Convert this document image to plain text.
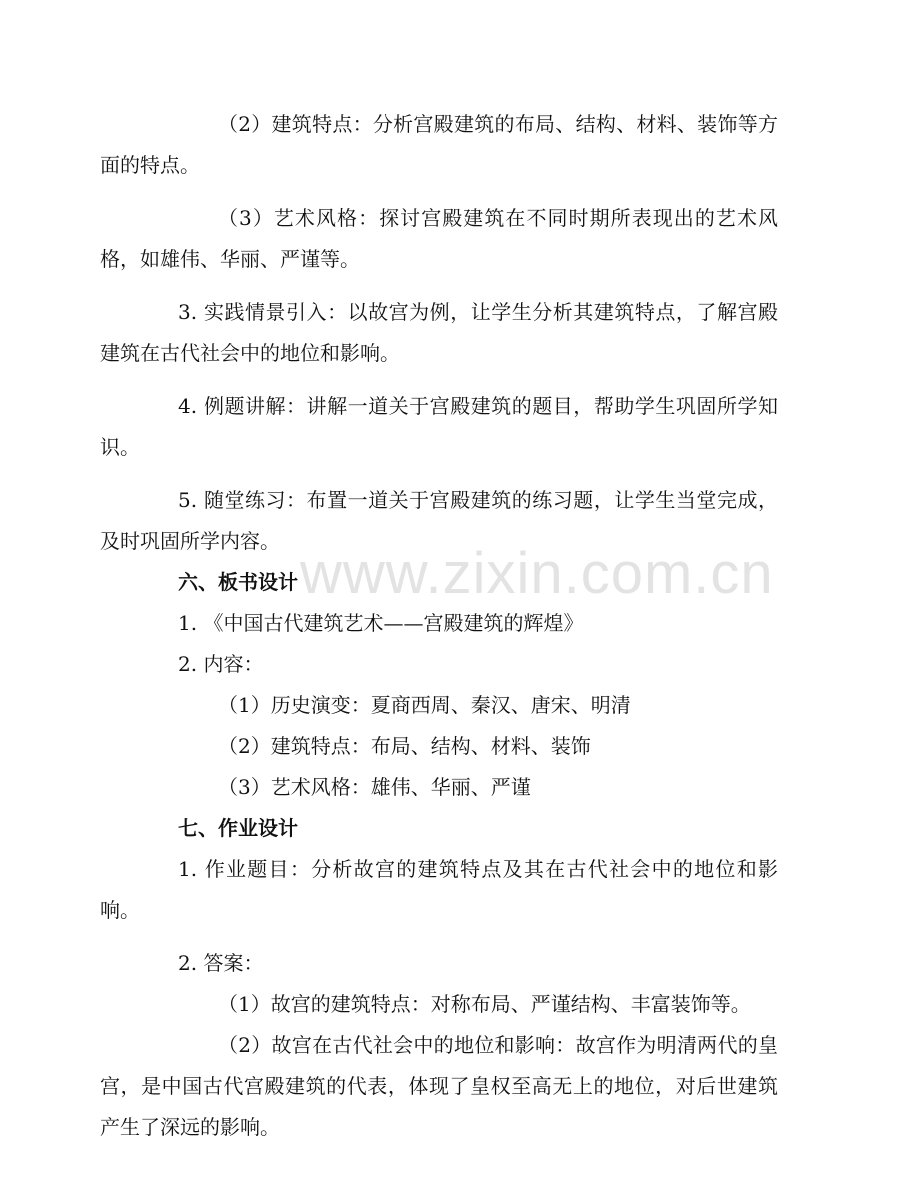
www.zixin.com.cn

（2）建筑特点：分析宫殿建筑的布局、结构、材料、装饰等方面的特点。

（3）艺术风格：探讨宫殿建筑在不同时期所表现出的艺术风格，如雄伟、华丽、严谨等。

3. 实践情景引入：以故宫为例，让学生分析其建筑特点，了解宫殿建筑在古代社会中的地位和影响。

4. 例题讲解：讲解一道关于宫殿建筑的题目，帮助学生巩固所学知识。

5. 随堂练习：布置一道关于宫殿建筑的练习题，让学生当堂完成，及时巩固所学内容。

六、板书设计

1. 《中国古代建筑艺术——宫殿建筑的辉煌》

2. 内容：

（1）历史演变：夏商西周、秦汉、唐宋、明清

（2）建筑特点：布局、结构、材料、装饰

（3）艺术风格：雄伟、华丽、严谨

七、作业设计

1. 作业题目：分析故宫的建筑特点及其在古代社会中的地位和影响。

2. 答案：

（1）故宫的建筑特点：对称布局、严谨结构、丰富装饰等。

（2）故宫在古代社会中的地位和影响：故宫作为明清两代的皇宫，是中国古代宫殿建筑的代表，体现了皇权至高无上的地位，对后世建筑产生了深远的影响。
